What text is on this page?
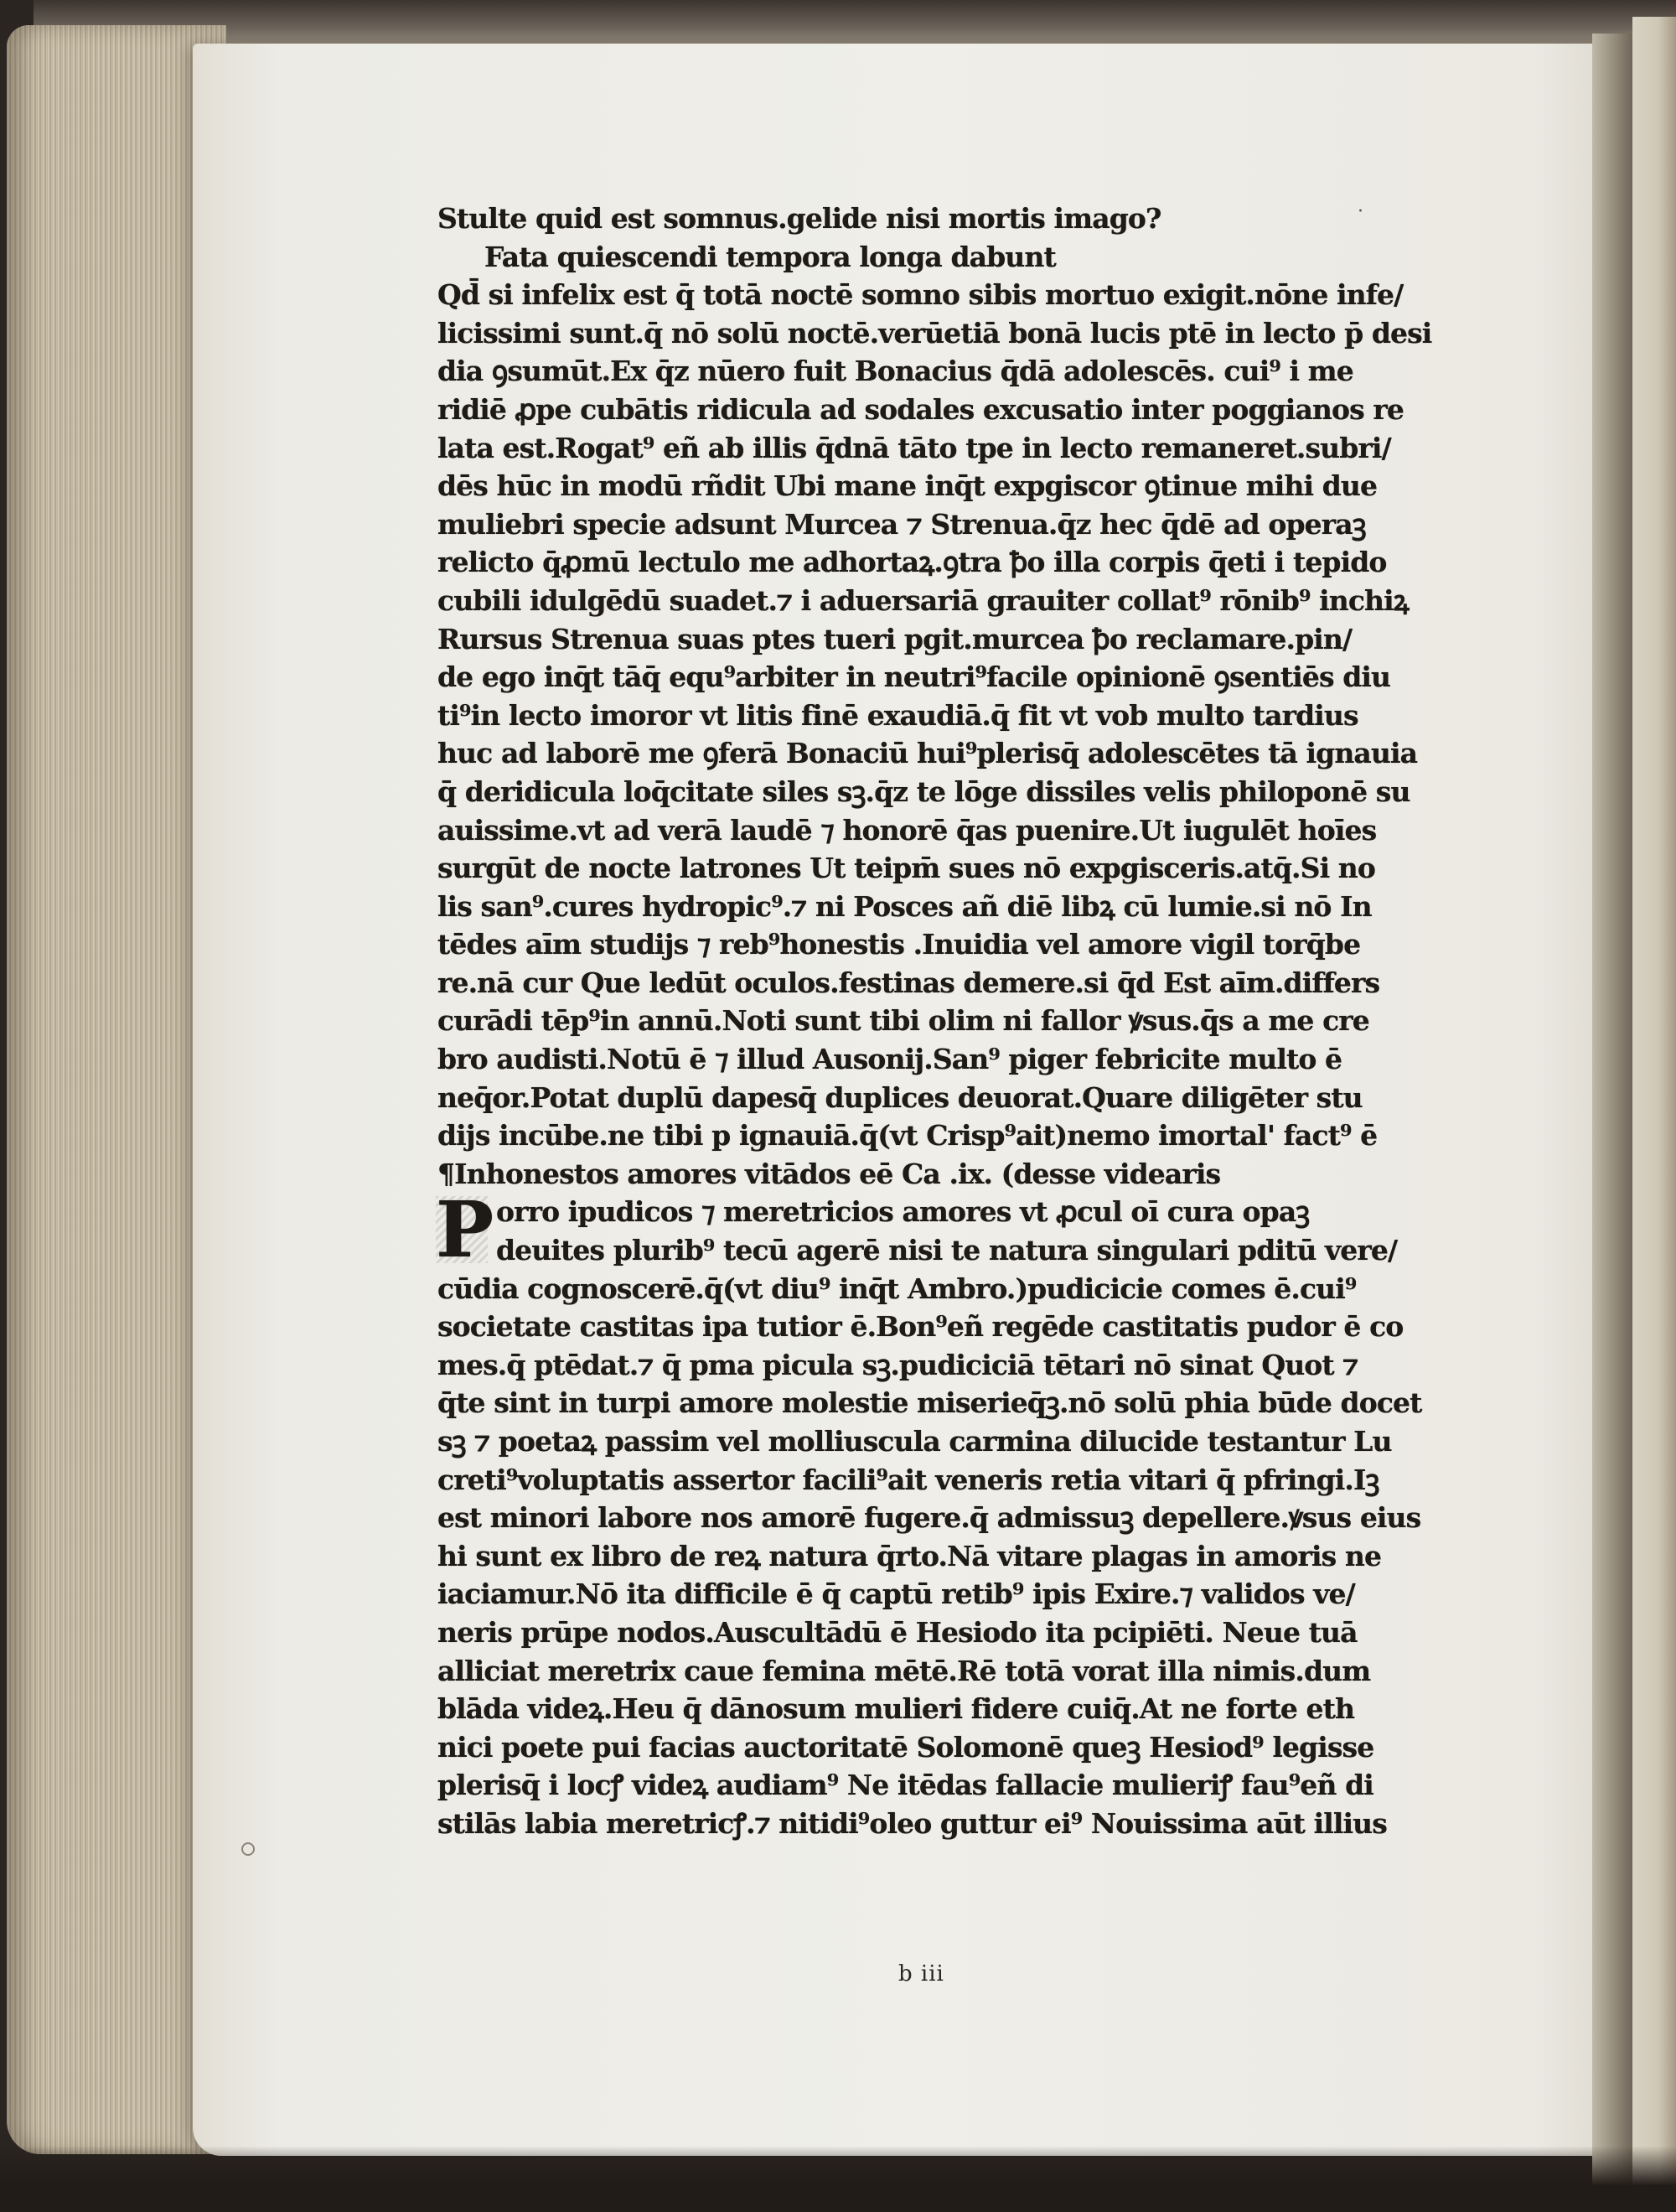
·
Stulte quid est somnus.gelide nisi mortis imago?
Fata quiescendi tempora longa dabunt
Qd̄ si infelix est q̄ totā noctē somno sibis mortuo exigit.nōne infe/
licissimi sunt.q̄ nō solū noctē.verūetiā bonā lucis ptē in lecto p̄ desi
dia ꝯsumūt.Ex q̄z nūero fuit Bonacius q̄dā adolescēs. cui⁹ i me
ridiē ꝓpe cubātis ridicula ad sodales excusatio inter poggianos re
lata est.Rogat⁹ eñ ab illis q̄dnā tāto tpe in lecto remaneret.subri/
dēs hūc in modū rñdit Ubi mane inq̄t expgiscor ꝯtinue mihi due
muliebri specie adsunt Murcea ⁊ Strenua.q̄z hec q̄dē ad operaꝫ
relicto q̄ꝓmū lectulo me adhortaꝝ.ꝯtra ꝥo illa corpis q̄eti i tepido
cubili idulgēdū suadet.⁊ i aduersariā grauiter collat⁹ rōnib⁹ inchiꝝ
Rursus Strenua suas ptes tueri pgit.murcea ꝥo reclamare.pin/
de ego inq̄t tāq̄ equ⁹arbiter in neutri⁹facile opinionē ꝯsentiēs diu
ti⁹in lecto imoror vt litis finē exaudiā.q̄ fit vt vob multo tardius
huc ad laborē me ꝯferā Bonaciū hui⁹plerisq̄ adolescētes tā ignauia
q̄ deridicula loq̄citate siles sꝫ.q̄z te lōge dissiles velis philoponē su
auissime.vt ad verā laudē ⁊ honorē q̄as puenire.Ut iugulēt hoīes
surgūt de nocte latrones Ut teipm̄ sues nō expgisceris.atq̄.Si no
lis san⁹.cures hydropic⁹.⁊ ni Posces añ diē libꝝ cū lumie.si nō In
tēdes aīm studijs ⁊ reb⁹honestis .Inuidia vel amore vigil torq̄be
re.nā cur Que ledūt oculos.festinas demere.si q̄d Est aīm.differs
curādi tēp⁹in annū.Noti sunt tibi olim ni fallor ꝟsus.q̄s a me cre
bro audisti.Notū ē ⁊ illud Ausonij.San⁹ piger febricite multo ē
neq̄or.Potat duplū dapesq̄ duplices deuorat.Quare diligēter stu
dijs incūbe.ne tibi p ignauiā.q̄(vt Crisp⁹ait)nemo imortal' fact⁹ ē
¶Inhonestos amores vitādos eē Ca .ix. (desse videaris
P orro ipudicos ⁊ meretricios amores vt ꝓcul oī cura opaꝫ
deuites plurib⁹ tecū agerē nisi te natura singulari pditū vere/
cūdia cognoscerē.q̄(vt diu⁹ inq̄t Ambro.)pudicicie comes ē.cui⁹
societate castitas ipa tutior ē.Bon⁹eñ regēde castitatis pudor ē co
mes.q̄ ptēdat.⁊ q̄ pma picula sꝫ.pudiciciā tētari nō sinat Quot ⁊
q̄te sint in turpi amore molestie miserieq̄ꝫ.nō solū phia būde docet
sꝫ ⁊ poetaꝝ passim vel molliuscula carmina dilucide testantur Lu
creti⁹voluptatis assertor facili⁹ait veneris retia vitari q̄ pfringi.Iꝫ
est minori labore nos amorē fugere.q̄ admissuꝫ depellere.ꝟsus eius
hi sunt ex libro de reꝝ natura q̄rto.Nā vitare plagas in amoris ne
iaciamur.Nō ita difficile ē q̄ captū retib⁹ ipis Exire.⁊ validos ve/
neris prūpe nodos.Auscultādū ē Hesiodo ita pcipiēti. Neue tuā
alliciat meretrix caue femina mētē.Rē totā vorat illa nimis.dum
blāda videꝝ.Heu q̄ dānosum mulieri fidere cuiq̄.At ne forte eth
nici poete pui facias auctoritatē Solomonē queꝫ Hesiod⁹ legisse
plerisq̄ i locꝭ videꝝ audiam⁹ Ne itēdas fallacie mulieriꝭ fau⁹eñ di
stilās labia meretricꝭ.⁊ nitidi⁹oleo guttur ei⁹ Nouissima aūt illius
b iii
